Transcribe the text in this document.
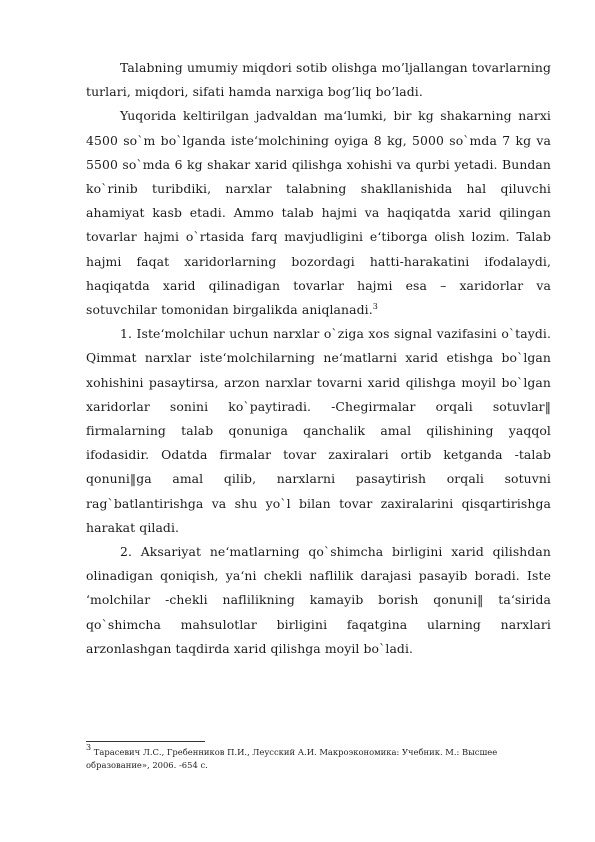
Talabning umumiy miqdori sotib olishga mo’ljallangan tovarlarning turlari, miqdori, sifati hamda narxiga bog’liq bo’ladi.

Yuqorida keltirilgan jadvaldan ma‘lumki, bir kg shakarning narxi 4500 so`m bo`lganda iste‘molchining oyiga 8 kg, 5000 so`mda 7 kg va 5500 so`mda 6 kg shakar xarid qilishga xohishi va qurbi yetadi. Bundan ko`rinib turibdiki, narxlar talabning shakllanishida hal qiluvchi ahamiyat kasb etadi. Ammo talab hajmi va haqiqatda xarid qilingan tovarlar hajmi o`rtasida farq mavjudligini e‘tiborga olish lozim. Talab hajmi faqat xaridorlarning bozordagi hatti-harakatini ifodalaydi, haqiqatda xarid qilinadigan tovarlar hajmi esa – xaridorlar va sotuvchilar tomonidan birgalikda aniqlanadi.$^3$

1. Iste‘molchilar uchun narxlar o`ziga xos signal vazifasini o`taydi. Qimmat narxlar iste‘molchilarning ne‘matlarni xarid etishga bo`lgan xohishini pasaytirsa, arzon narxlar tovarni xarid qilishga moyil bo`lgan xaridorlar sonini ko`paytiradi. -Chegirmalar orqali sotuvlar‖ firmalarning talab qonuniga qanchalik amal qilishining yaqqol ifodasidir. Odatda firmalar tovar zaxiralari ortib ketganda -talab qonuni‖ga amal qilib, narxlarni pasaytirish orqali sotuvni rag`batlantirishga va shu yo`l bilan tovar zaxiralarini qisqartirishga harakat qiladi.

2. Aksariyat ne‘matlarning qo`shimcha birligini xarid qilishdan olinadigan qoniqish, ya‘ni chekli naflilik darajasi pasayib boradi. Iste ‘molchilar -chekli naflilikning kamayib borish qonuni‖ ta‘sirida qo`shimcha mahsulotlar birligini faqatgina ularning narxlari arzonlashgan taqdirda xarid qilishga moyil bo`ladi.

$^3$ Тарасевич Л.С., Гребенников П.И., Леусский А.И. Макроэкономика: Учебник. М.: Высшее образование», 2006. -654 с.
